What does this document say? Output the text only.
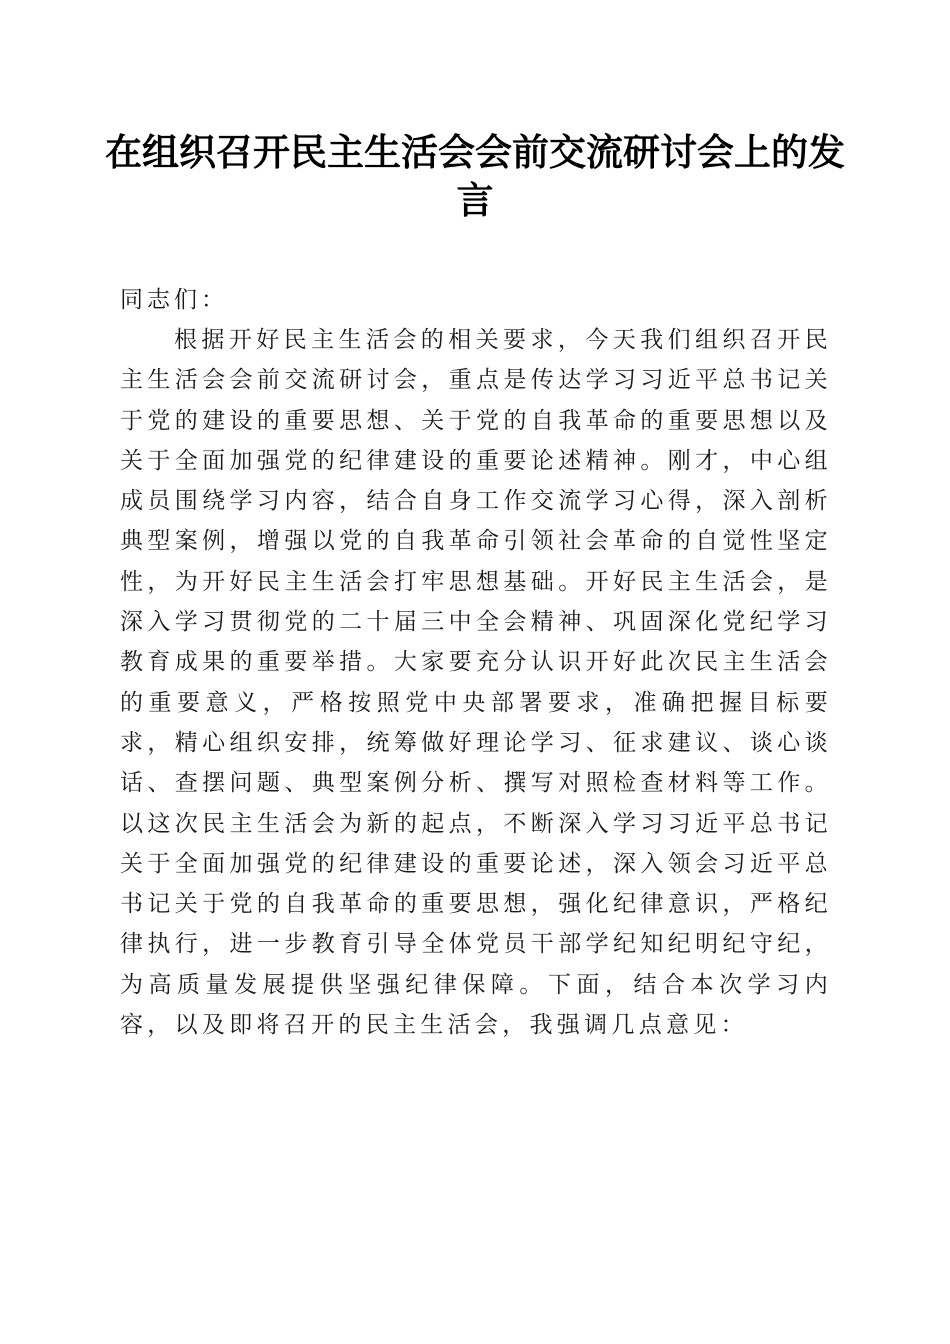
在组织召开民主生活会会前交流研讨会上的发言

同志们：

根据开好民主生活会的相关要求，今天我们组织召开民主生活会会前交流研讨会，重点是传达学习习近平总书记关于党的建设的重要思想、关于党的自我革命的重要思想以及关于全面加强党的纪律建设的重要论述精神。刚才，中心组成员围绕学习内容，结合自身工作交流学习心得，深入剖析典型案例，增强以党的自我革命引领社会革命的自觉性坚定性，为开好民主生活会打牢思想基础。开好民主生活会，是深入学习贯彻党的二十届三中全会精神、巩固深化党纪学习教育成果的重要举措。大家要充分认识开好此次民主生活会的重要意义，严格按照党中央部署要求，准确把握目标要求，精心组织安排，统筹做好理论学习、征求建议、谈心谈话、查摆问题、典型案例分析、撰写对照检查材料等工作。以这次民主生活会为新的起点，不断深入学习习近平总书记关于全面加强党的纪律建设的重要论述，深入领会习近平总书记关于党的自我革命的重要思想，强化纪律意识，严格纪律执行，进一步教育引导全体党员干部学纪知纪明纪守纪，为高质量发展提供坚强纪律保障。下面，结合本次学习内容，以及即将召开的民主生活会，我强调几点意见：
